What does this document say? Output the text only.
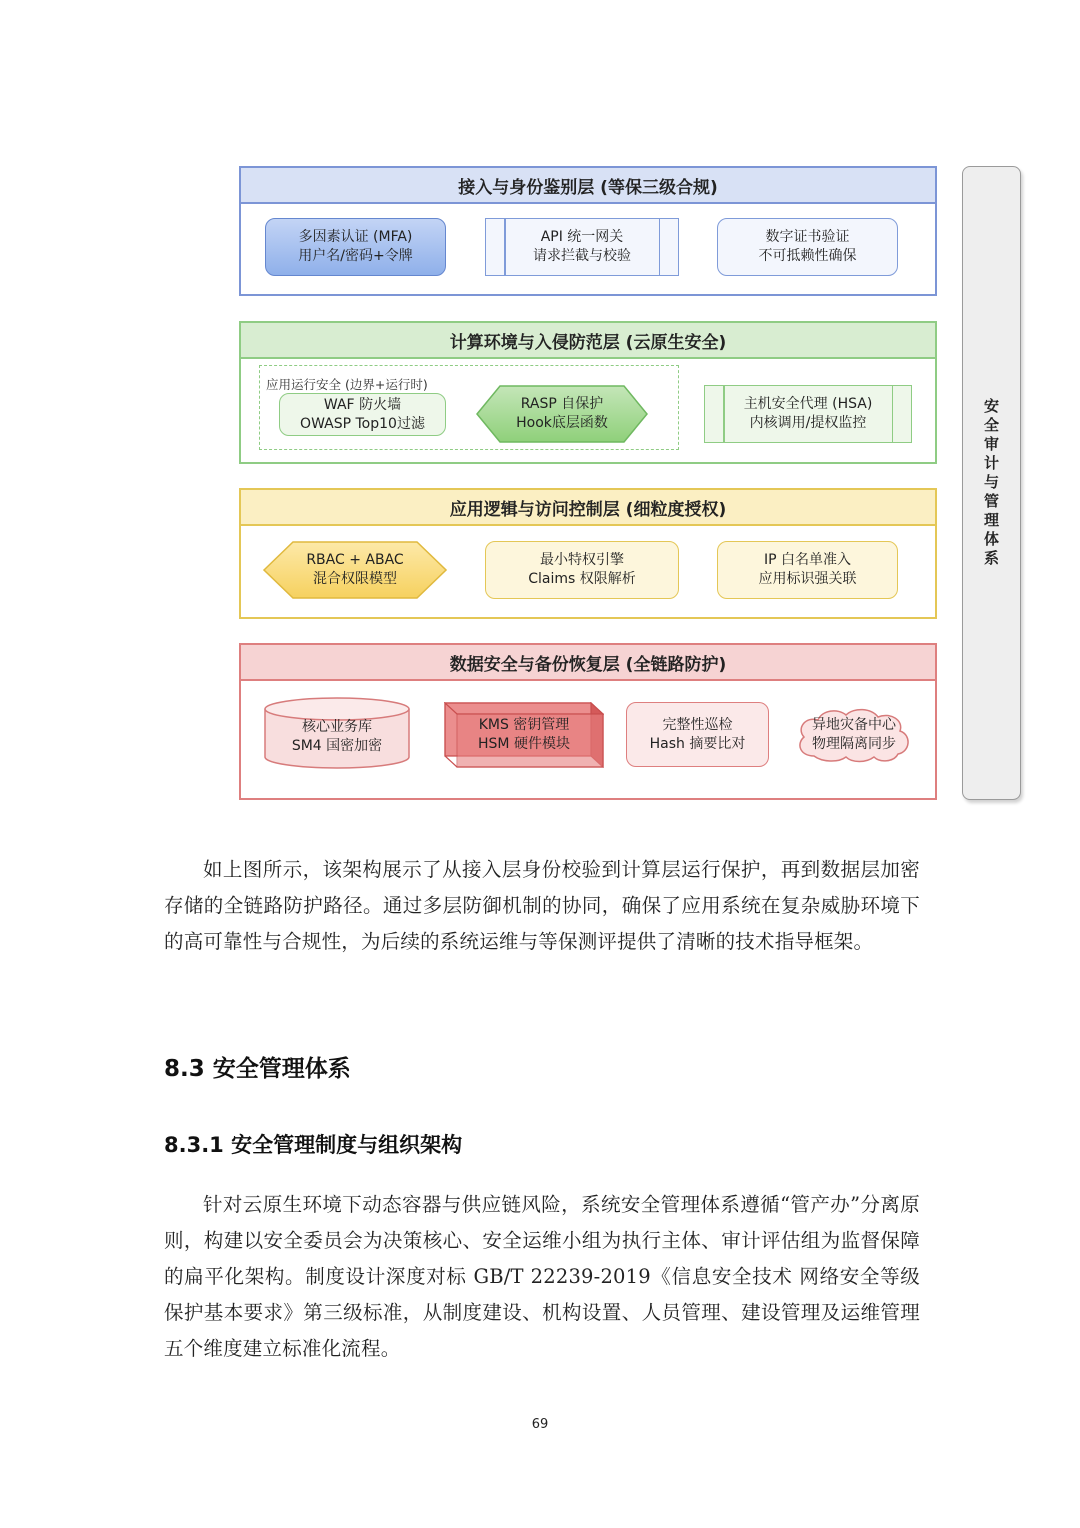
接入与身份鉴别层 (等保三级合规)
多因素认证 (MFA)
用户名/密码+令牌
API 统一网关
请求拦截与校验
数字证书验证
不可抵赖性确保
计算环境与入侵防范层 (云原生安全)
应用运行安全 (边界+运行时)
WAF 防火墙
OWASP Top10过滤
RASP 自保护
Hook底层函数
主机安全代理 (HSA)
内核调用/提权监控
应用逻辑与访问控制层 (细粒度授权)
RBAC + ABAC
混合权限模型
最小特权引擎
Claims 权限解析
IP 白名单准入
应用标识强关联
数据安全与备份恢复层 (全链路防护)
核心业务库
SM4 国密加密
KMS 密钥管理
HSM 硬件模块
完整性巡检
Hash 摘要比对
异地灾备中心
物理隔离同步
安全审计与管理体系
如上图所示，该架构展示了从接入层身份校验到计算层运行保护，再到数据层加密存储的全链路防护路径。通过多层防御机制的协同，确保了应用系统在复杂威胁环境下的高可靠性与合规性，为后续的系统运维与等保测评提供了清晰的技术指导框架。
8.3 安全管理体系
8.3.1 安全管理制度与组织架构
针对云原生环境下动态容器与供应链风险，系统安全管理体系遵循“管产办”分离原则，构建以安全委员会为决策核心、安全运维小组为执行主体、审计评估组为监督保障的扁平化架构。制度设计深度对标 GB/T 22239-2019《信息安全技术 网络安全等级保护基本要求》第三级标准，从制度建设、机构设置、人员管理、建设管理及运维管理五个维度建立标准化流程。
69
